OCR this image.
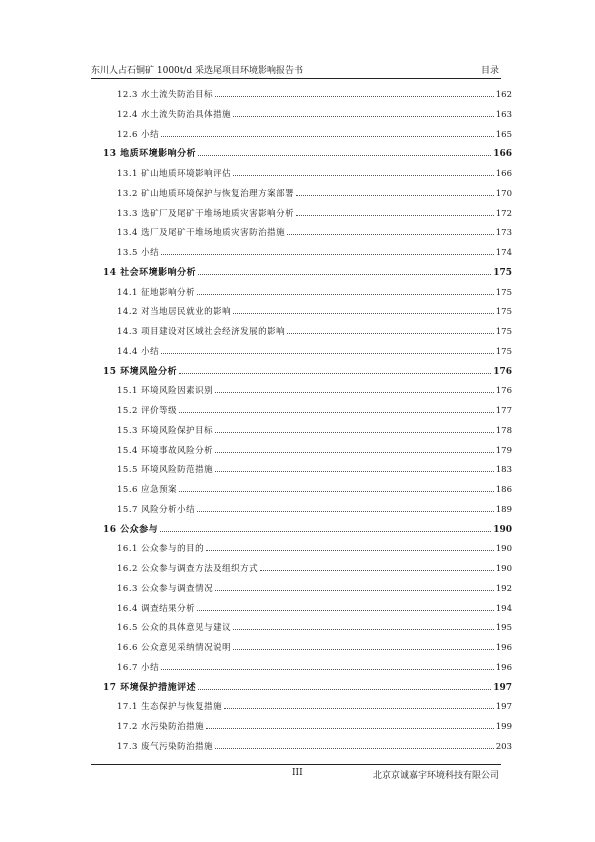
东川人占石铜矿 1000t/d 采选尾项目环境影响报告书	目录
12.3 水土流失防治目标	162
12.4 水土流失防治具体措施	163
12.6 小结	165
13 地质环境影响分析	166
13.1 矿山地质环境影响评估	166
13.2 矿山地质环境保护与恢复治理方案部署	170
13.3 选矿厂及尾矿干堆场地质灾害影响分析	172
13.4 选厂及尾矿干堆场地质灾害防治措施	173
13.5 小结	174
14 社会环境影响分析	175
14.1 征地影响分析	175
14.2 对当地居民就业的影响	175
14.3 项目建设对区域社会经济发展的影响	175
14.4 小结	175
15 环境风险分析	176
15.1 环境风险因素识别	176
15.2 评价等级	177
15.3 环境风险保护目标	178
15.4 环境事故风险分析	179
15.5 环境风险防范措施	183
15.6 应急预案	186
15.7 风险分析小结	189
16 公众参与	190
16.1 公众参与的目的	190
16.2 公众参与调查方法及组织方式	190
16.3 公众参与调查情况	192
16.4 调查结果分析	194
16.5 公众的具体意见与建议	195
16.6 公众意见采纳情况说明	196
16.7 小结	196
17 环境保护措施评述	197
17.1 生态保护与恢复措施	197
17.2 水污染防治措施	199
17.3 废气污染防治措施	203
III	北京京诚嘉宇环境科技有限公司
